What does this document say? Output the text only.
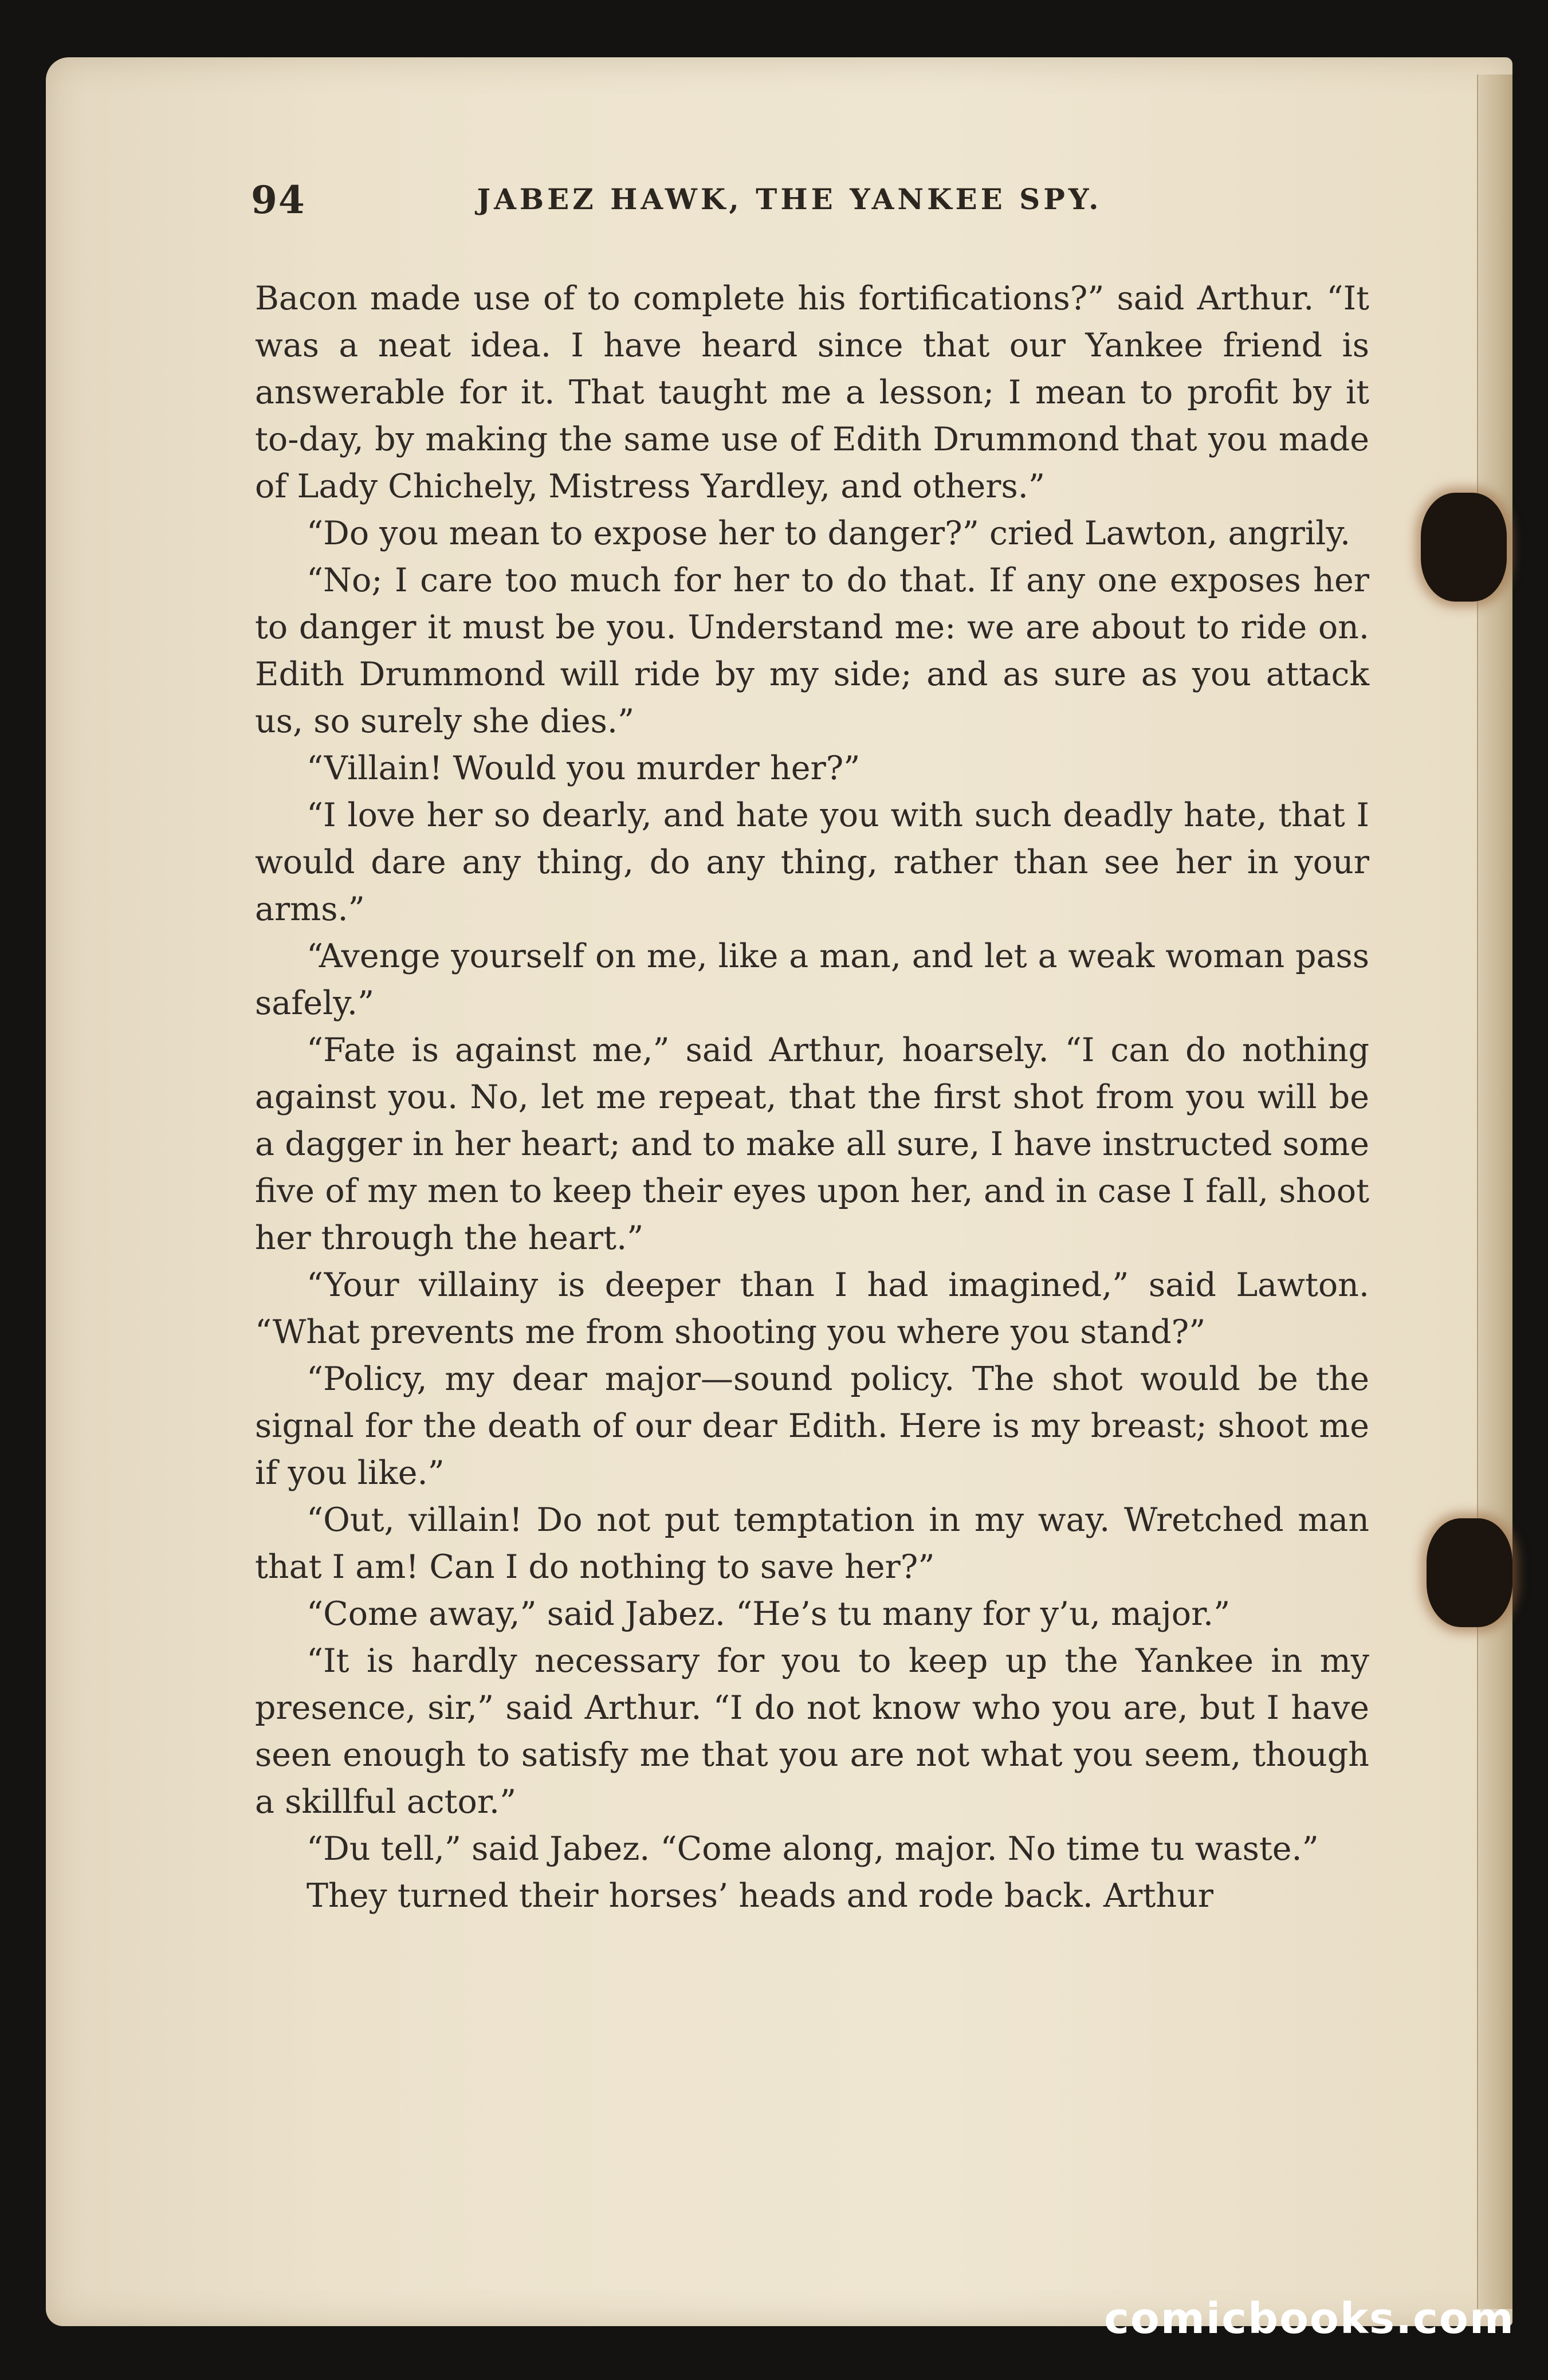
94	JABEZ HAWK, THE YANKEE SPY.

Bacon made use of to complete his fortifications?” said Arthur. “It was a neat idea. I have heard since that our Yankee friend is answerable for it. That taught me a lesson; I mean to profit by it to-day, by making the same use of Edith Drummond that you made of Lady Chichely, Mistress Yardley, and others.”

“Do you mean to expose her to danger?” cried Lawton, angrily.

“No; I care too much for her to do that. If any one exposes her to danger it must be you. Understand me: we are about to ride on. Edith Drummond will ride by my side; and as sure as you attack us, so surely she dies.”

“Villain! Would you murder her?”

“I love her so dearly, and hate you with such deadly hate, that I would dare any thing, do any thing, rather than see her in your arms.”

“Avenge yourself on me, like a man, and let a weak woman pass safely.”

“Fate is against me,” said Arthur, hoarsely. “I can do nothing against you. No, let me repeat, that the first shot from you will be a dagger in her heart; and to make all sure, I have instructed some five of my men to keep their eyes upon her, and in case I fall, shoot her through the heart.”

“Your villainy is deeper than I had imagined,” said Lawton. “What prevents me from shooting you where you stand?”

“Policy, my dear major—sound policy. The shot would be the signal for the death of our dear Edith. Here is my breast; shoot me if you like.”

“Out, villain! Do not put temptation in my way. Wretched man that I am! Can I do nothing to save her?”

“Come away,” said Jabez. “He’s tu many for y’u, major.”

“It is hardly necessary for you to keep up the Yankee in my presence, sir,” said Arthur. “I do not know who you are, but I have seen enough to satisfy me that you are not what you seem, though a skillful actor.”

“Du tell,” said Jabez. “Come along, major. No time tu waste.”

They turned their horses’ heads and rode back. Arthur

comicbooks.com
